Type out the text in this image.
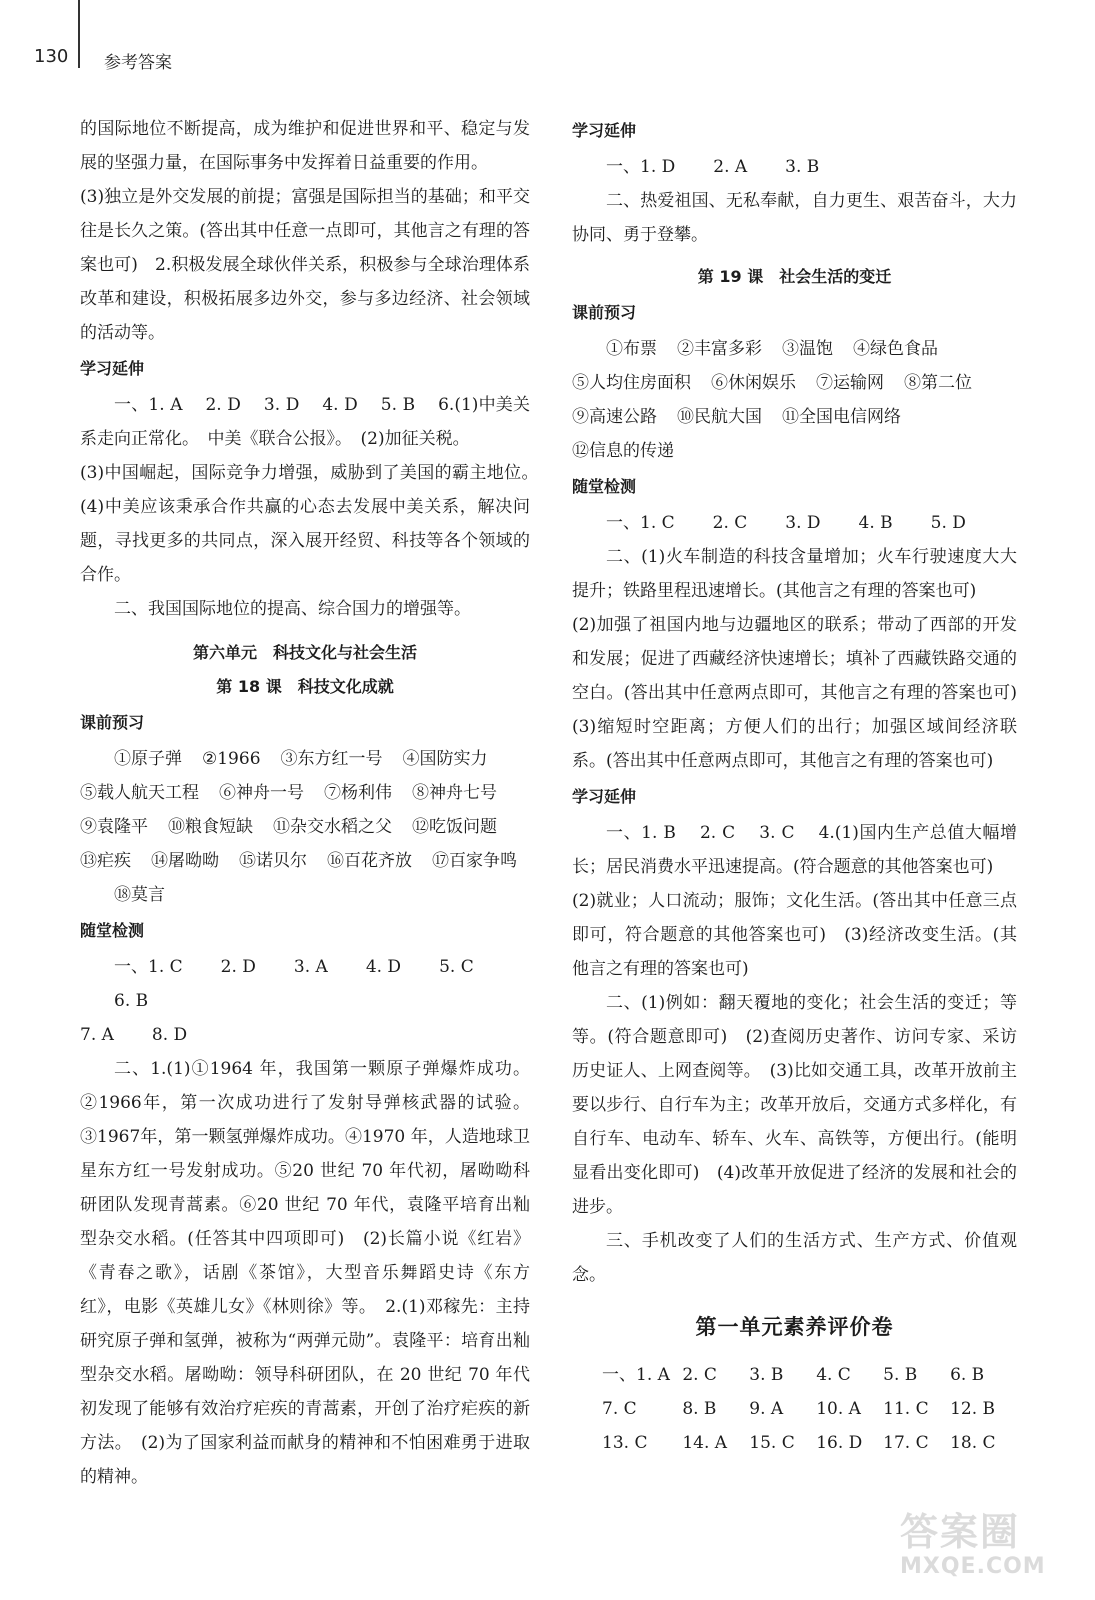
130 参考答案

的国际地位不断提高，成为维护和促进世界和平、稳定与发展的坚强力量，在国际事务中发挥着日益重要的作用。

(3)独立是外交发展的前提；富强是国际担当的基础；和平交往是长久之策。(答出其中任意一点即可，其他言之有理的答案也可)　2.积极发展全球伙伴关系，积极参与全球治理体系改革和建设，积极拓展多边外交，参与多边经济、社会领域的活动等。

学习延伸

一、1. A　 2. D　 3. D　 4. D　 5. B　 6.(1)中美关系走向正常化。　中美《联合公报》。　(2)加征关税。

(3)中国崛起，国际竞争力增强，威胁到了美国的霸主地位。　(4)中美应该秉承合作共赢的心态去发展中美关系，解决问题，寻找更多的共同点，深入展开经贸、科技等各个领域的合作。

二、我国国际地位的提高、综合国力的增强等。

第六单元　科技文化与社会生活
第 18 课　科技文化成就
课前预习
①原子弹 ②1966 ③东方红一号 ④国防实力
⑤载人航天工程 ⑥神舟一号 ⑦杨利伟 ⑧神舟七号
⑨袁隆平 ⑩粮食短缺 ⑪杂交水稻之父 ⑫吃饭问题
⑬疟疾 ⑭屠呦呦 ⑮诺贝尔 ⑯百花齐放 ⑰百家争鸣
⑱莫言
随堂检测
一、1. C 2. D 3. A 4. D 5. C
6. B
7. A 8. D

二、1.(1)①1964 年，我国第一颗原子弹爆炸成功。②1966年，第一次成功进行了发射导弹核武器的试验。③1967年，第一颗氢弹爆炸成功。④1970 年，人造地球卫星东方红一号发射成功。⑤20 世纪 70 年代初，屠呦呦科研团队发现青蒿素。⑥20 世纪 70 年代，袁隆平培育出籼型杂交水稻。(任答其中四项即可)　(2)长篇小说《红岩》《青春之歌》，话剧《茶馆》，大型音乐舞蹈史诗《东方红》，电影《英雄儿女》《林则徐》等。　2.(1)邓稼先：主持研究原子弹和氢弹，被称为“两弹元勋”。袁隆平：培育出籼型杂交水稻。屠呦呦：领导科研团队，在 20 世纪 70 年代初发现了能够有效治疗疟疾的青蒿素，开创了治疗疟疾的新方法。　(2)为了国家利益而献身的精神和不怕困难勇于进取的精神。

学习延伸
一、1. D 2. A 3. B

二、热爱祖国、无私奉献，自力更生、艰苦奋斗，大力协同、勇于登攀。

第 19 课　社会生活的变迁
课前预习
①布票 ②丰富多彩 ③温饱 ④绿色食品
⑤人均住房面积 ⑥休闲娱乐 ⑦运输网 ⑧第二位
⑨高速公路 ⑩民航大国 ⑪全国电信网络
⑫信息的传递
随堂检测
一、1. C 2. C 3. D 4. B 5. D

二、(1)火车制造的科技含量增加；火车行驶速度大大提升；铁路里程迅速增长。(其他言之有理的答案也可)

(2)加强了祖国内地与边疆地区的联系；带动了西部的开发和发展；促进了西藏经济快速增长；填补了西藏铁路交通的空白。(答出其中任意两点即可，其他言之有理的答案也可)　(3)缩短时空距离；方便人们的出行；加强区域间经济联系。(答出其中任意两点即可，其他言之有理的答案也可)

学习延伸

一、1. B　 2. C　 3. C　 4.(1)国内生产总值大幅增长；居民消费水平迅速提高。(符合题意的其他答案也可)

(2)就业；人口流动；服饰；文化生活。(答出其中任意三点即可，符合题意的其他答案也可)　(3)经济改变生活。(其他言之有理的答案也可)

二、(1)例如：翻天覆地的变化；社会生活的变迁；等等。(符合题意即可)　(2)查阅历史著作、访问专家、采访历史证人、上网查阅等。　(3)比如交通工具，改革开放前主要以步行、自行车为主；改革开放后，交通方式多样化，有自行车、电动车、轿车、火车、高铁等，方便出行。(能明显看出变化即可)　(4)改革开放促进了经济的发展和社会的进步。

三、手机改变了人们的生活方式、生产方式、价值观念。

第一单元素养评价卷
一、1. A 2. C	3. B	4. C	5. B	6. B
7. C	8. B	9. A	10. A	11. C	12. B
13. C	14. A	15. C	16. D	17. C	18. C
答案圈
MXQE.COM
